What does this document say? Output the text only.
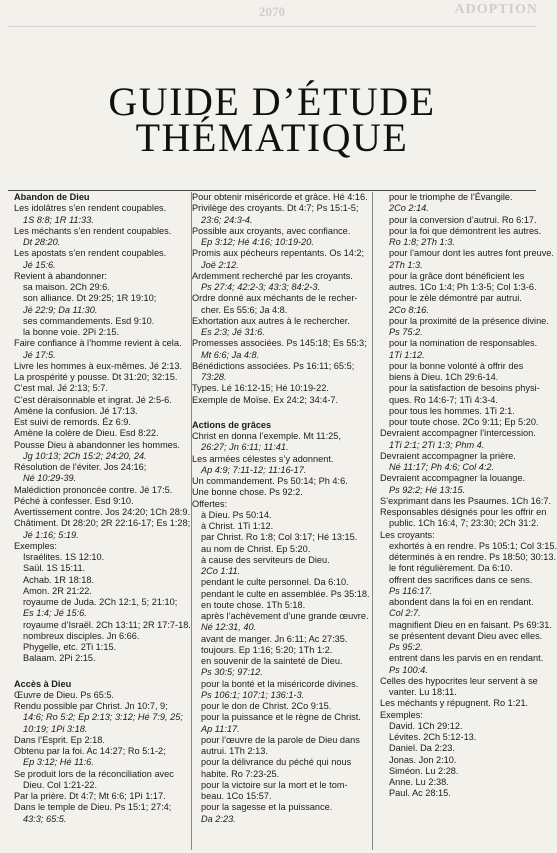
2070	ADOPTION
GUIDE D’ÉTUDE
THÉMATIQUE
Abandon de Dieu
Les idolâtres s’en rendent coupables.
1S 8:8; 1R 11:33.
Les méchants s’en rendent coupables.
Dt 28:20.
Les apostats s’en rendent coupables.
Jé 15:6.
Revient à abandonner:
sa maison. 2Ch 29:6.
son alliance. Dt 29:25; 1R 19:10;
Jé 22:9; Da 11:30.
ses commandements. Esd 9:10.
la bonne voie. 2Pi 2:15.
Faire confiance à l’homme revient à cela.
Jé 17:5.
Livre les hommes à eux-mêmes. Jé 2:13.
La prospérité y pousse. Dt 31:20; 32:15.
C’est mal. Jé 2:13; 5:7.
C’est déraisonnable et ingrat. Jé 2:5-6.
Amène la confusion. Jé 17:13.
Est suivi de remords. Éz 6:9.
Amène la colère de Dieu. Esd 8:22.
Pousse Dieu à abandonner les hommes.
Jg 10:13; 2Ch 15:2; 24:20, 24.
Résolution de l’éviter. Jos 24:16;
Né 10:29-39.
Malédiction prononcée contre. Jé 17:5.
Péché à confesser. Esd 9:10.
Avertissement contre. Jos 24:20; 1Ch 28:9.
Châtiment. Dt 28:20; 2R 22:16-17; Es 1:28;
Jé 1:16; 5:19.
Exemples:
Israélites. 1S 12:10.
Saül. 1S 15:11.
Achab. 1R 18:18.
Amon. 2R 21:22.
royaume de Juda. 2Ch 12:1, 5; 21:10;
Es 1:4; Jé 15:6.
royaume d’Israël. 2Ch 13:11; 2R 17:7-18.
nombreux disciples. Jn 6:66.
Phygelle, etc. 2Ti 1:15.
Balaam. 2Pi 2:15.
Accès à Dieu
Œuvre de Dieu. Ps 65:5.
Rendu possible par Christ. Jn 10:7, 9;
14:6; Ro 5:2; Ep 2:13; 3:12; Hé 7:9, 25;
10:19; 1Pi 3:18.
Dans l’Esprit. Ep 2:18.
Obtenu par la foi. Ac 14:27; Ro 5:1-2;
Ep 3:12; Hé 11:6.
Se produit lors de la réconciliation avec
Dieu. Col 1:21-22.
Par la prière. Dt 4:7; Mt 6:6; 1Pi 1:17.
Dans le temple de Dieu. Ps 15:1; 27:4;
43:3; 65:5.
Pour obtenir miséricorde et grâce. Hé 4:16.
Privilège des croyants. Dt 4:7; Ps 15:1-5;
23:6; 24:3-4.
Possible aux croyants, avec confiance.
Ep 3:12; Hé 4:16; 10:19-20.
Promis aux pécheurs repentants. Os 14:2;
Joë 2:12.
Ardemment recherché par les croyants.
Ps 27:4; 42:2-3; 43:3; 84:2-3.
Ordre donné aux méchants de le recher-
cher. Es 55:6; Ja 4:8.
Exhortation aux autres à le rechercher.
Es 2:3; Jé 31:6.
Promesses associées. Ps 145:18; Es 55:3;
Mt 6:6; Ja 4:8.
Bénédictions associées. Ps 16:11; 65:5;
73:28.
Types. Lé 16:12-15; Hé 10:19-22.
Exemple de Moïse. Ex 24:2; 34:4-7.
Actions de grâces
Christ en donna l’exemple. Mt 11:25,
26:27; Jn 6:11; 11:41.
Les armées célestes s’y adonnent.
Ap 4:9; 7:11-12; 11:16-17.
Un commandement. Ps 50:14; Ph 4:6.
Une bonne chose. Ps 92:2.
Offertes:
à Dieu. Ps 50:14.
à Christ. 1Ti 1:12.
par Christ. Ro 1:8; Col 3:17; Hé 13:15.
au nom de Christ. Ep 5:20.
à cause des serviteurs de Dieu.
2Co 1:11.
pendant le culte personnel. Da 6:10.
pendant le culte en assemblée. Ps 35:18.
en toute chose. 1Th 5:18.
après l’achèvement d’une grande œuvre.
Né 12:31, 40.
avant de manger. Jn 6:11; Ac 27:35.
toujours. Ep 1:16; 5:20; 1Th 1:2.
en souvenir de la sainteté de Dieu.
Ps 30:5; 97:12.
pour la bonté et la miséricorde divines.
Ps 106:1; 107:1; 136:1-3.
pour le don de Christ. 2Co 9:15.
pour la puissance et le règne de Christ.
Ap 11:17.
pour l’œuvre de la parole de Dieu dans
autrui. 1Th 2:13.
pour la délivrance du péché qui nous
habite. Ro 7:23-25.
pour la victoire sur la mort et le tom-
beau. 1Co 15:57.
pour la sagesse et la puissance.
Da 2:23.
pour le triomphe de l’Évangile.
2Co 2:14.
pour la conversion d’autrui. Ro 6:17.
pour la foi que démontrent les autres.
Ro 1:8; 2Th 1:3.
pour l’amour dont les autres font preuve.
2Th 1:3.
pour la grâce dont bénéficient les
autres. 1Co 1:4; Ph 1:3-5; Col 1:3-6.
pour le zèle démontré par autrui.
2Co 8:16.
pour la proximité de la présence divine.
Ps 75:2.
pour la nomination de responsables.
1Ti 1:12.
pour la bonne volonté à offrir des
biens à Dieu. 1Ch 29:6-14.
pour la satisfaction de besoins physi-
ques. Ro 14:6-7; 1Ti 4:3-4.
pour tous les hommes. 1Ti 2:1.
pour toute chose. 2Co 9:11; Ep 5:20.
Devraient accompagner l’intercession.
1Ti 2:1; 2Ti 1:3; Phm 4.
Devraient accompagner la prière.
Né 11:17; Ph 4:6; Col 4:2.
Devraient accompagner la louange.
Ps 92:2; Hé 13:15.
S’exprimant dans les Psaumes. 1Ch 16:7.
Responsables désignés pour les offrir en
public. 1Ch 16:4, 7; 23:30; 2Ch 31:2.
Les croyants:
exhortés à en rendre. Ps 105:1; Col 3:15.
déterminés à en rendre. Ps 18:50; 30:13.
le font régulièrement. Da 6:10.
offrent des sacrifices dans ce sens.
Ps 116:17.
abondent dans la foi en en rendant.
Col 2:7.
magnifient Dieu en en faisant. Ps 69:31.
se présentent devant Dieu avec elles.
Ps 95:2.
entrent dans les parvis en en rendant.
Ps 100:4.
Celles des hypocrites leur servent à se
vanter. Lu 18:11.
Les méchants y répugnent. Ro 1:21.
Exemples:
David. 1Ch 29:12.
Lévites. 2Ch 5:12-13.
Daniel. Da 2:23.
Jonas. Jon 2:10.
Siméon. Lu 2:28.
Anne. Lu 2:38.
Paul. Ac 28:15.
